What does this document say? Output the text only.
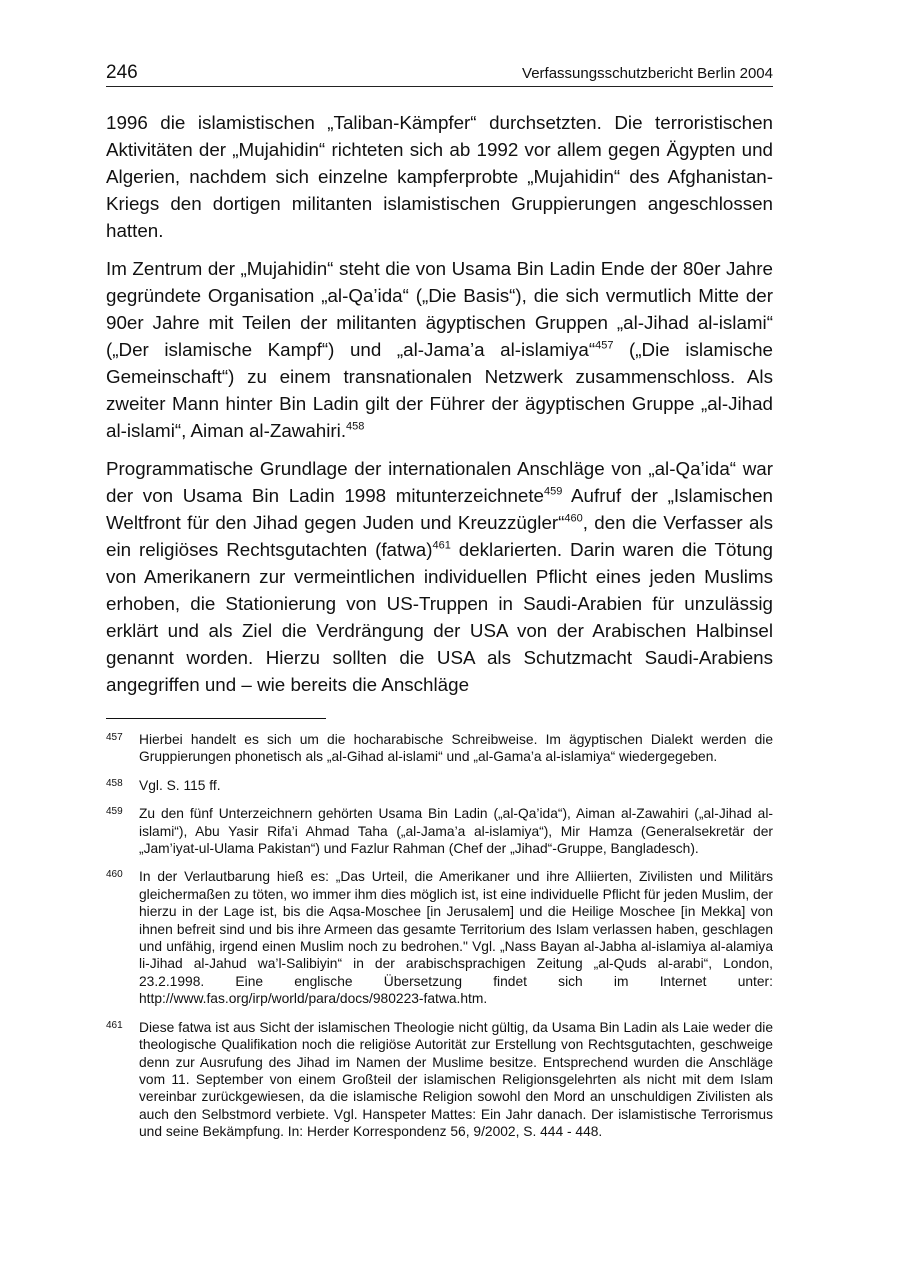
246	Verfassungsschutzbericht Berlin 2004

1996 die islamistischen „Taliban-Kämpfer“ durchsetzten. Die terroristischen Aktivitäten der „Mujahidin“ richteten sich ab 1992 vor allem gegen Ägypten und Algerien, nachdem sich einzelne kampferprobte „Mujahidin“ des Afghanistan-Kriegs den dortigen militanten islamistischen Gruppierungen angeschlossen hatten.

Im Zentrum der „Mujahidin“ steht die von Usama Bin Ladin Ende der 80er Jahre gegründete Organisation „al-Qa’ida“ („Die Basis“), die sich vermutlich Mitte der 90er Jahre mit Teilen der militanten ägyptischen Gruppen „al-Jihad al-islami“ („Der islamische Kampf“) und „al-Jama’a al-islamiya“$^{457}$ („Die islamische Gemeinschaft“) zu einem transnationalen Netzwerk zusammenschloss. Als zweiter Mann hinter Bin Ladin gilt der Führer der ägyptischen Gruppe „al-Jihad al-islami“, Aiman al-Zawahiri.$^{458}$

Programmatische Grundlage der internationalen Anschläge von „al-Qa’ida“ war der von Usama Bin Ladin 1998 mitunterzeichnete$^{459}$ Aufruf der „Islamischen Weltfront für den Jihad gegen Juden und Kreuzzügler“$^{460}$, den die Verfasser als ein religiöses Rechtsgutachten (fatwa)$^{461}$ deklarierten. Darin waren die Tötung von Amerikanern zur vermeintlichen individuellen Pflicht eines jeden Muslims erhoben, die Stationierung von US-Truppen in Saudi-Arabien für unzulässig erklärt und als Ziel die Verdrängung der USA von der Arabischen Halbinsel genannt worden. Hierzu sollten die USA als Schutzmacht Saudi-Arabiens angegriffen und – wie bereits die Anschläge

457	Hierbei handelt es sich um die hocharabische Schreibweise. Im ägyptischen Dialekt werden die Gruppierungen phonetisch als „al-Gihad al-islami“ und „al-Gama’a al-islamiya“ wiedergegeben.
458	Vgl. S. 115 ff.
459	Zu den fünf Unterzeichnern gehörten Usama Bin Ladin („al-Qa’ida“), Aiman al-Zawahiri („al-Jihad al-islami“), Abu Yasir Rifa’i Ahmad Taha („al-Jama’a al-islamiya“), Mir Hamza (Generalsekretär der „Jam’iyat-ul-Ulama Pakistan“) und Fazlur Rahman (Chef der „Jihad“-Gruppe, Bangladesch).
460	In der Verlautbarung hieß es: „Das Urteil, die Amerikaner und ihre Alliierten, Zivilisten und Militärs gleichermaßen zu töten, wo immer ihm dies möglich ist, ist eine individuelle Pflicht für jeden Muslim, der hierzu in der Lage ist, bis die Aqsa-Moschee [in Jerusalem] und die Heilige Moschee [in Mekka] von ihnen befreit sind und bis ihre Armeen das gesamte Territorium des Islam verlassen haben, geschlagen und unfähig, irgend einen Muslim noch zu bedrohen." Vgl. „Nass Bayan al-Jabha al-islamiya al-alamiya li-Jihad al-Jahud wa’l-Salibiyin“ in der arabischsprachigen Zeitung „al-Quds al-arabi“, London, 23.2.1998. Eine englische Übersetzung findet sich im Internet unter: http://www.fas.org/irp/world/para/docs/980223-fatwa.htm.
461	Diese fatwa ist aus Sicht der islamischen Theologie nicht gültig, da Usama Bin Ladin als Laie weder die theologische Qualifikation noch die religiöse Autorität zur Erstellung von Rechtsgutachten, geschweige denn zur Ausrufung des Jihad im Namen der Muslime besitze. Entsprechend wurden die Anschläge vom 11. September von einem Großteil der islamischen Religionsgelehrten als nicht mit dem Islam vereinbar zurückgewiesen, da die islamische Religion sowohl den Mord an unschuldigen Zivilisten als auch den Selbstmord verbiete. Vgl. Hanspeter Mattes: Ein Jahr danach. Der islamistische Terrorismus und seine Bekämpfung. In: Herder Korrespondenz 56, 9/2002, S. 444 - 448.
